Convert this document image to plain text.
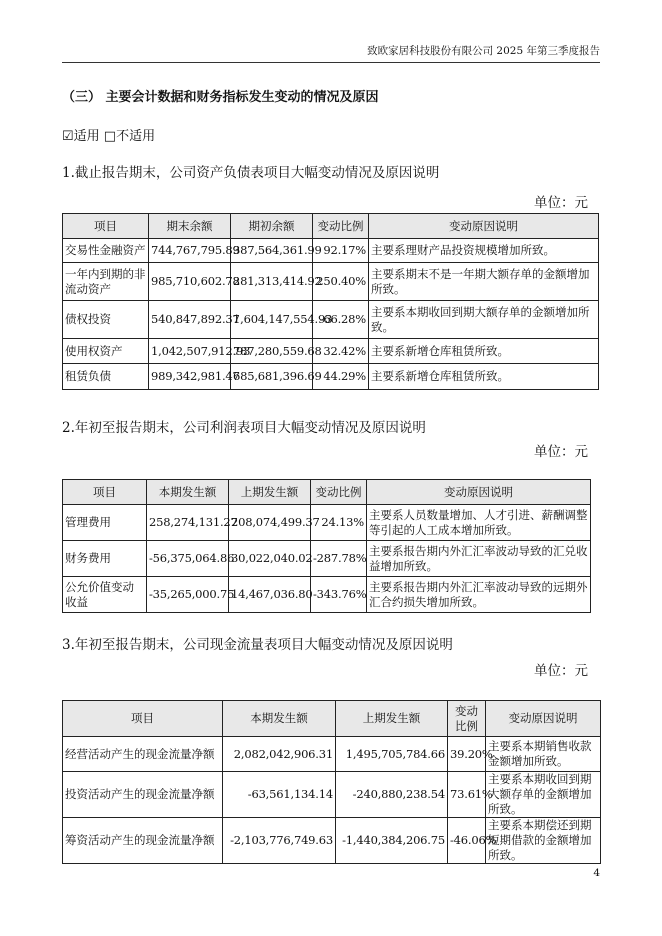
致欧家居科技股份有限公司 2025 年第三季度报告
（三） 主要会计数据和财务指标发生变动的情况及原因
☑适用 □不适用
1.截止报告期末，公司资产负债表项目大幅变动情况及原因说明
单位：元
项目	期末余额	期初余额	变动比例	变动原因说明
交易性金融资产	744,767,795.89	387,564,361.99	92.17%	主要系理财产品投资规模增加所致。
一年内到期的非流动资产	985,710,602.78	281,313,414.92	250.40%	主要系期末不是一年期大额存单的金额增加所致。
债权投资	540,847,892.37	1,604,147,554.93	-66.28%	主要系本期收回到期大额存单的金额增加所致。
使用权资产	1,042,507,912.93	787,280,559.68	32.42%	主要系新增仓库租赁所致。
租赁负债	989,342,981.47	685,681,396.69	44.29%	主要系新增仓库租赁所致。
2.年初至报告期末，公司利润表项目大幅变动情况及原因说明
单位：元
项目	本期发生额	上期发生额	变动比例	变动原因说明
管理费用	258,274,131.27	208,074,499.37	24.13%	主要系人员数量增加、人才引进、薪酬调整等引起的人工成本增加所致。
财务费用	-56,375,064.86	30,022,040.02	-287.78%	主要系报告期内外汇汇率波动导致的汇兑收益增加所致。
公允价值变动收益	-35,265,000.75	14,467,036.80	-343.76%	主要系报告期内外汇汇率波动导致的远期外汇合约损失增加所致。
3.年初至报告期末，公司现金流量表项目大幅变动情况及原因说明
单位：元
项目	本期发生额	上期发生额	变动比例	变动原因说明
经营活动产生的现金流量净额	2,082,042,906.31	1,495,705,784.66	39.20%	主要系本期销售收款金额增加所致。
投资活动产生的现金流量净额	-63,561,134.14	-240,880,238.54	73.61%	主要系本期收回到期大额存单的金额增加所致。
筹资活动产生的现金流量净额	-2,103,776,749.63	-1,440,384,206.75	-46.06%	主要系本期偿还到期短期借款的金额增加所致。
4
